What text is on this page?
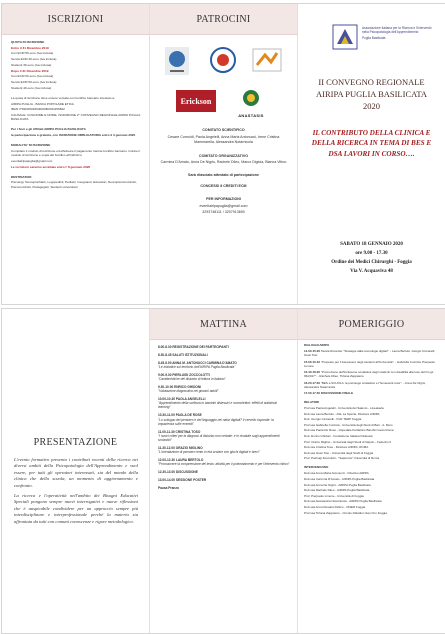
ISCRIZIONI

QUOTA DI ISCRIZIONE

Entro il 31 Dicembre 2019

Con ECM 50 euro (Iva inclusa)

Senza ECM 40 euro (Iva inclusa)

Studenti 30 euro (Iva inclusa)

Dopo il 31 Dicembre 2019

Con ECM 60 euro (Iva inclusa)

Senza ECM 50 euro (Iva inclusa)

Studenti 40 euro (Iva inclusa)

La quota di iscrizione deve essere versata con bonifico bancario intestato a:

AIRIPA PUGLIA - BANCA POPOLARE ETICA

IBAN IT81D0501804000000011156602

CAUSALE: COGNOME E NOME, ISCRIZIONE 2° CONVEGNO REGIONALE AIRIPA PUGLIA BASILICATA

Per i Soci e gli Affiliati AIRIPA PUGLIA BASILICATA

la partecipazione è gratuita, con ISCRIZIONE OBBLIGATORIA entro il 3 gennaio 2020

MODALITA' DI ISCRIZIONE

Compilare il modulo di iscrizione ed effettuare il pagamento tramite bonifico bancario. Inviare il modulo di iscrizione e copia del bonifico all'indirizzo:

eventiairipapuglia@gmail.com

Le iscrizioni saranno accettate entro l' 8 gennaio 2020

DESTINATARI

Psicologi, Neuropsichiatri, Logopedisti, Pediatri, Insegnanti, Educatori, Neuropsicomotricisti, Psicomotricisti, Pedagogisti, Studenti universitari

PATROCINI
Erickson
ANASTASIS

COMITATO SCIENTIFICO

Cesare Cornoldi, Paola Angelelli, Anna Maria Antonucci, Irene Cristina Mammarella, Alessandra Notarnicola

COMITATO ORGANIZZATIVO

Carmina D'Amato, Anna De Nigris, Rachele Dileo, Marco Digioia, Bianca Vittoo

Sarà rilasciato attestato di partecipazione

CONCESSI 8 CREDITI ECM

PER INFORMAZIONI

eventiairipapuglia@gmail.com

3293748111 / 3207913690

Associazione Italiana per la Ricerca e l'Intervento nella Psicopatologia dell'Apprendimento

Puglia Basilicata

II CONVEGNO REGIONALE
AIRIPA PUGLIA BASILICATA
2020
IL CONTRIBUTO DELLA CLINICA E DELLA RICERCA IN TEMA DI BES E DSA LAVORI IN CORSO….
SABATO 18 GENNAIO 2020
ore 9.00 - 17.30
Ordine dei Medici Chirurghi - Foggia
Via V. Acquaviva 48
PRESENTAZIONE

L'evento formativo presenta i contributi recenti della ricerca nei diversi ambiti della Psicopatologia dell'Apprendimento e vuol essere, per tutti gli operatori interessati, sia del mondo della clinica che della scuola, un momento di aggiornamento e confronto.

La ricerca e l'operatività nell'ambito dei Bisogni Educativi Speciali pongono sempre nuovi interrogativi e nuove riflessioni che è auspicabile condividere per un approccio sempre più interdisciplinare e interprofessionale perché la materia sia affrontata da tutti con comuni conoscenze e rigore metodologico.

MATTINA

8.00-8.30 REGISTRAZIONE DEI PARTECIPANTI

8.30-8.45 SALUTI ISTITUZIONALI

8.45-9.00 ANNA M. ANTONUCCI CARMINA D'AMATO
"Le iniziative sul territorio dell'AIRIPA Puglia Basilicata"

9.00-9.30 PIERLUIGI ZOCCOLOTTI
"Caratteristiche del disturbo di lettura in italiano"

9.30-10.00 ENRICO GHIDONI
"Valutazione diagnostica nei giovani adulti"

10.00-10.30 PAOLA ANGELELLI
"Apprendimento della scrittura in bambini dislessici e normolettori: effetti di statistical learning"

10.30-11.00 PAOLA DE ROSE
"Lo sviluppo del pensiero e del linguaggio nei nativi digitali? Il cervello risponde: la impazienza sulle evenidi"

11.00-11.30 CRISTINA TOSO
"I nuovi criteri per la diagnosi di disturbo non verbale: e le ricadute sugli apprendimenti scolastici"

11.30-12.00 ORAZIO MIGLINO
"L'orientazione di pensiero lento in età scolare con giochi digitali e brevi"

12.00-12.30 LAURA BERTOLO
"Promuovere la comprensione del testo: attività per il potenziamento e per l'intervento clinico"

12.30-13.00 DISCUSSIONE

13.00-14.00 SESSIONE POSTER

Pausa Pranzo

POMERIGGIO

DIALOGHI AIRIPA

14.00-15.30 Tavola Rotonda: "Strategie dalle tecnologie digitali". - Laura Bertolo, Giorgio Ciccarelli, Giusi Toto

15.00-15.40 "Proposte per il benessere degli studenti all'Università". - Gabriella Cuzzola, Pierpaolo Limone

15.40-16.20 "Promozione dell'inclusione scolastica degli studenti con disabilità alla luce del D.Lgs 66/2017". - Rachele Dileo, Tiziana Zappatore

16.20-17.00 "BES a SCUOLA: la psicologo scolastico e l'homework tutor". - Anna De Nigris, Alessandra Notarnicola

17.00-17.30 DISCUSSIONE FINALE

RELATORI

Prof.ssa Paola Angelelli - Università del Salento - Lineatavia

Dott.ssa Laura Bertolo - ASL La Spezia, Direttore AIRIPA

Dott. Giorgio Ciccarelli - PsiF TERP Foggia

Prof.ssa Gabriella Cuzzola - Università degli Studi di Bari - A. Moro

Dott.ssa Paola De Rose - Ospedale Pediatrico Bambin Gesù Roma

Dott. Enrico Ghidoni - Fondazione Italiana Dislessia

Prof. Orazio Miglino - Università degli Studi di Napoli – Federico II

Dott.ssa Cristina Toso - Direttore AIRIPA, ROMA

Dott.ssa Giusi Toto - Università degli Studi di Foggia

Prof. Pierluigi Zoccolotti - "Sapienza" Università di Roma

INTERVENGONO

Dott.ssa Anna Maria Antonucci - Direttivo AIRIPA

Dott.ssa Carmina D'Amato - AIRIPA Puglia Basilicata

Dott.ssa Anna De Nigris - AIRIPA Puglia Basilicata

Dott.ssa Rachele Dileo - AIRIPA Puglia Basilicata

Prof. Pierpaolo Limone - Università di Foggia

Dott.ssa Alessandra Notarnicola - AIRIPA Puglia Basilicata

Dott.ssa Anna Rosaria Pellico - ODEM Foggia

Prof.ssa Tiziana Zappatore - Circolo Didattico San Ciro Foggia
